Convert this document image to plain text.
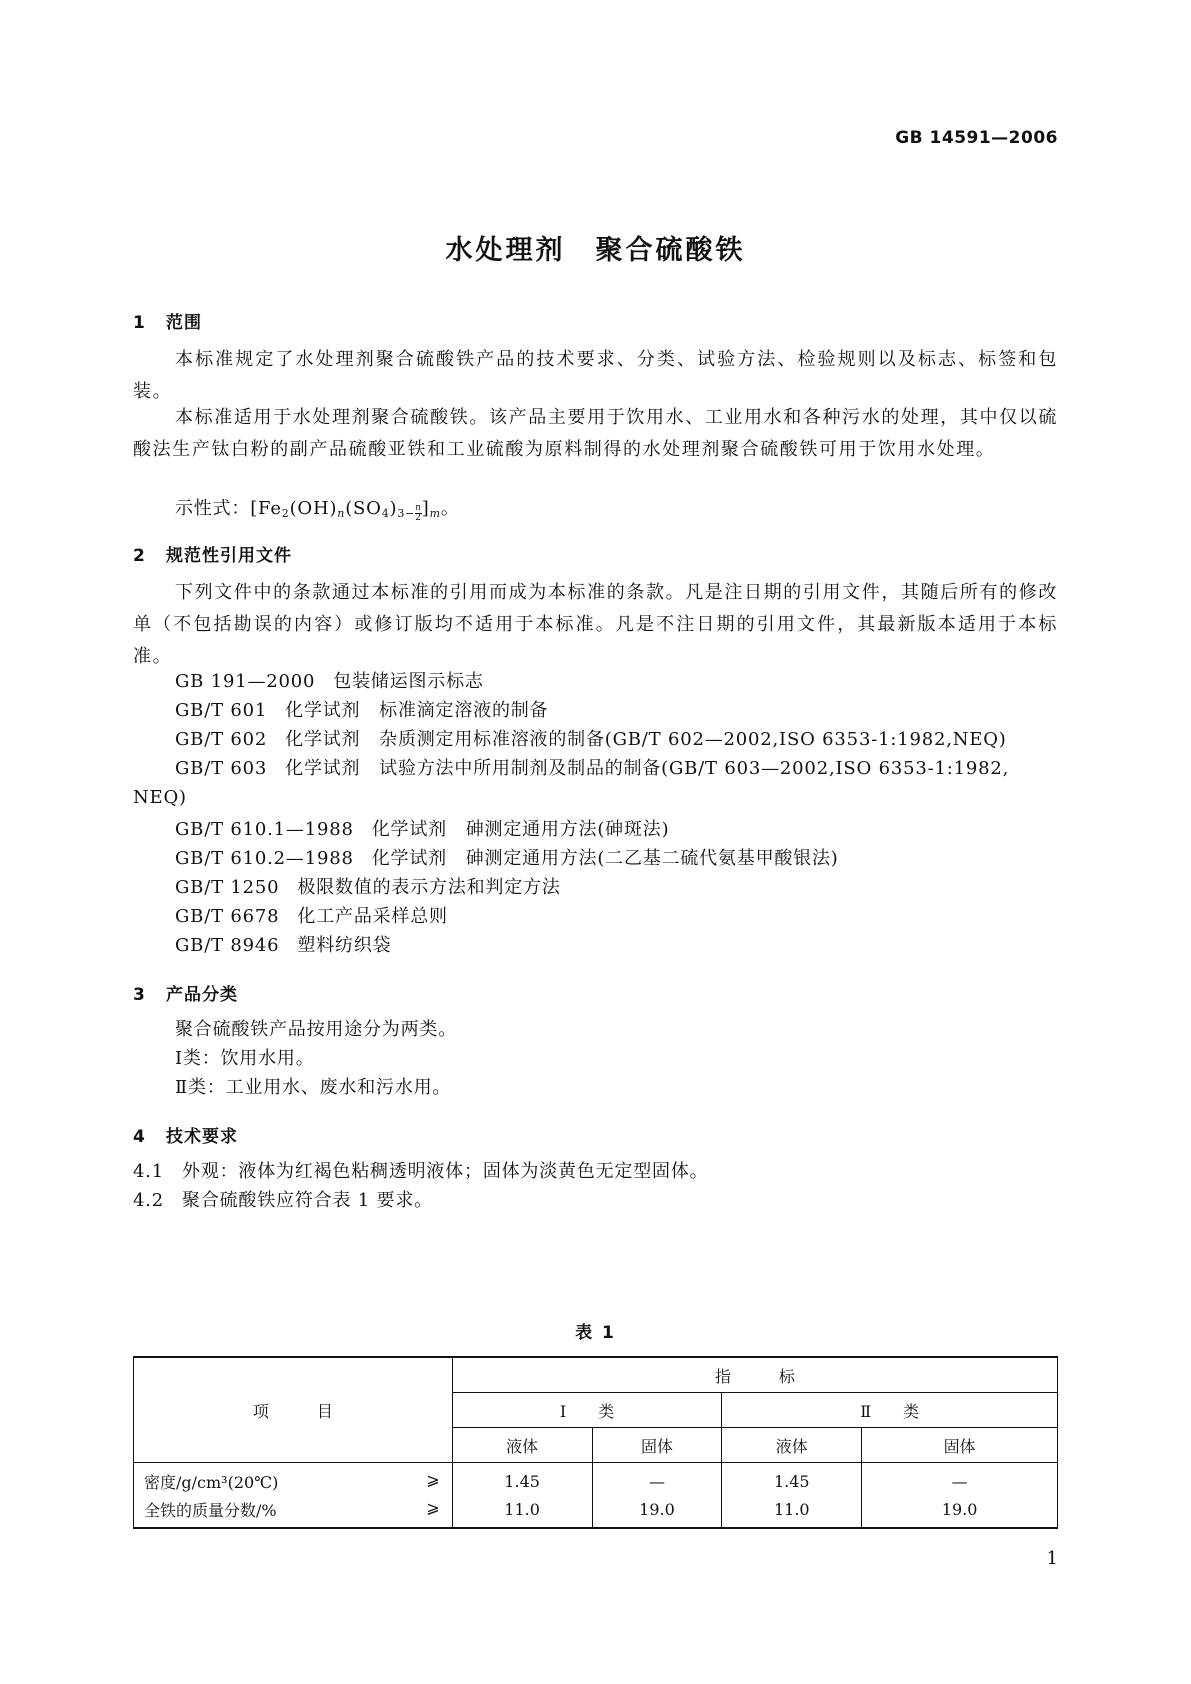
GB 14591—2006
水处理剂　聚合硫酸铁
1 范围
本标准规定了水处理剂聚合硫酸铁产品的技术要求、分类、试验方法、检验规则以及标志、标签和包装。
本标准适用于水处理剂聚合硫酸铁。该产品主要用于饮用水、工业用水和各种污水的处理，其中仅以硫酸法生产钛白粉的副产品硫酸亚铁和工业硫酸为原料制得的水处理剂聚合硫酸铁可用于饮用水处理。
示性式：$[Fe_2(OH)_n(SO_4)_{3-} \frac{n}{2} ]_m$。
2 规范性引用文件
下列文件中的条款通过本标准的引用而成为本标准的条款。凡是注日期的引用文件，其随后所有的修改单（不包括勘误的内容）或修订版均不适用于本标准。凡是不注日期的引用文件，其最新版本适用于本标准。
GB 191—2000 包装储运图示标志
GB/T 601 化学试剂　标准滴定溶液的制备
GB/T 602 化学试剂　杂质测定用标准溶液的制备(GB/T 602—2002,ISO 6353-1:1982,NEQ)
GB/T 603 化学试剂　试验方法中所用制剂及制品的制备(GB/T 603—2002,ISO 6353-1:1982,
NEQ)
GB/T 610.1—1988 化学试剂　砷测定通用方法(砷斑法)
GB/T 610.2—1988 化学试剂　砷测定通用方法(二乙基二硫代氨基甲酸银法)
GB/T 1250 极限数值的表示方法和判定方法
GB/T 6678 化工产品采样总则
GB/T 8946 塑料纺织袋
3 产品分类
聚合硫酸铁产品按用途分为两类。
Ⅰ类：饮用水用。
Ⅱ类：工业用水、废水和污水用。
4 技术要求
4.1 外观：液体为红褐色粘稠透明液体；固体为淡黄色无定型固体。
4.2 聚合硫酸铁应符合表 1 要求。
表 1
项　　　目	指　　　标			
	Ⅰ　　类		Ⅱ　　类	
	液体	固体	液体	固体
密度/g/cm³(20℃) ⩾	1.45	—	1.45	—
全铁的质量分数/% ⩾	11.0	19.0	11.0	19.0
1
